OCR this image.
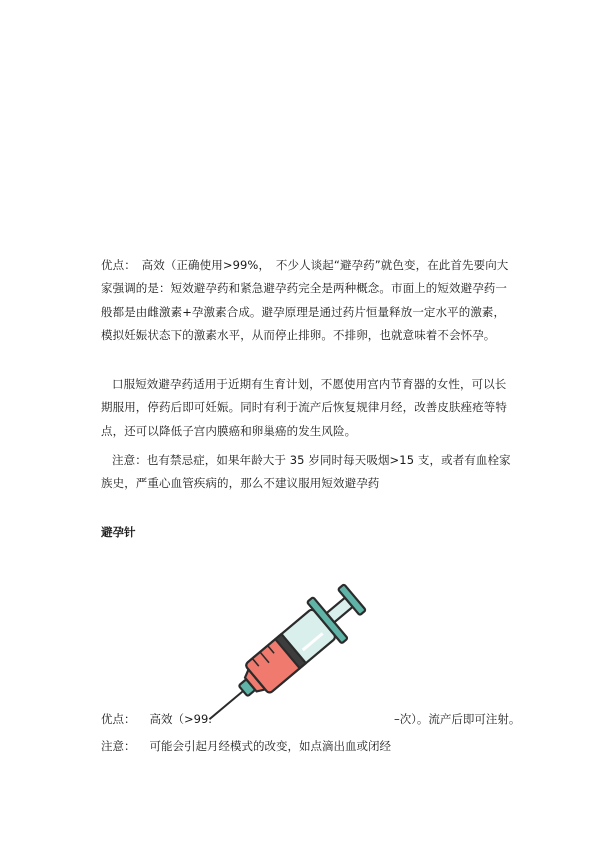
优点：　高效（正确使用>99%，　不少人谈起“避孕药”就色变，在此首先要向大家强调的是：短效避孕药和紧急避孕药完全是两种概念。市面上的短效避孕药一般都是由雌激素+孕激素合成。避孕原理是通过药片恒量释放一定水平的激素，模拟妊娠状态下的激素水平，从而停止排卵。不排卵，也就意味着不会怀孕。

口服短效避孕药适用于近期有生育计划，不愿使用宫内节育器的女性，可以长期服用，停药后即可妊娠。同时有利于流产后恢复规律月经，改善皮肤痤疮等特点，还可以降低子宫内膜癌和卵巢癌的发生风险。

注意：也有禁忌症，如果年龄大于 35 岁同时每天吸烟>15 支，或者有血栓家族史，严重心血管疾病的，那么不建议服用短效避孕药

避孕针

优点： 高效（>99.	–次）。流产后即可注射。

注意： 可能会引起月经模式的改变，如点滴出血或闭经
